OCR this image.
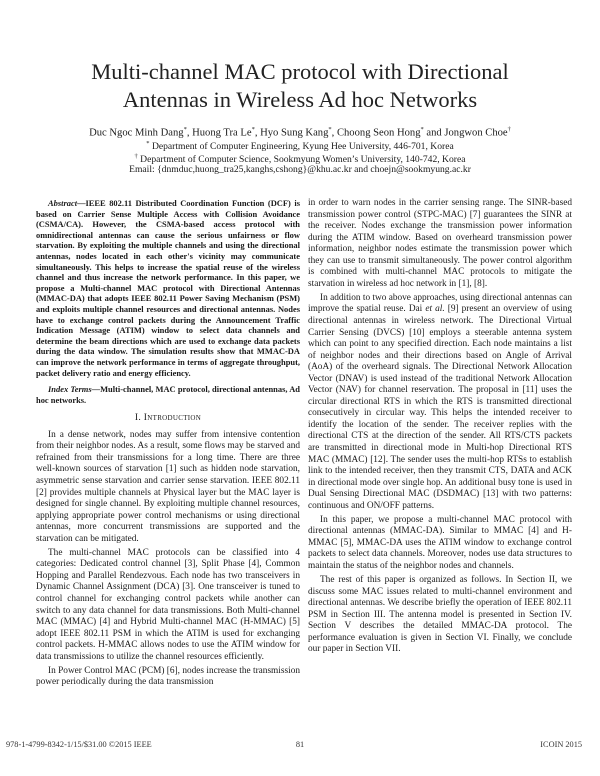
Multi-channel MAC protocol with Directional
Antennas in Wireless Ad hoc Networks
Duc Ngoc Minh Dang*, Huong Tra Le*, Hyo Sung Kang*, Choong Seon Hong* and Jongwon Choe†
* Department of Computer Engineering, Kyung Hee University, 446-701, Korea
† Department of Computer Science, Sookmyung Women’s University, 140-742, Korea
Email: {dnmduc,huong_tra25,kanghs,cshong}@khu.ac.kr and choejn@sookmyung.ac.kr

Abstract—IEEE 802.11 Distributed Coordination Function (DCF) is based on Carrier Sense Multiple Access with Collision Avoidance (CSMA/CA). However, the CSMA-based access protocol with omnidirectional antennas can cause the serious unfairness or flow starvation. By exploiting the multiple channels and using the directional antennas, nodes located in each other's vicinity may communicate simultaneously. This helps to increase the spatial reuse of the wireless channel and thus increase the network performance. In this paper, we propose a Multi-channel MAC protocol with Directional Antennas (MMAC-DA) that adopts IEEE 802.11 Power Saving Mechanism (PSM) and exploits multiple channel resources and directional antennas. Nodes have to exchange control packets during the Announcement Traffic Indication Message (ATIM) window to select data channels and determine the beam directions which are used to exchange data packets during the data window. The simulation results show that MMAC-DA can improve the network performance in terms of aggregate throughput, packet delivery ratio and energy efficiency.

Index Terms—Multi-channel, MAC protocol, directional antennas, Ad hoc networks.

I. Introduction

In a dense network, nodes may suffer from intensive contention from their neighbor nodes. As a result, some flows may be starved and refrained from their transmissions for a long time. There are three well-known sources of starvation [1] such as hidden node starvation, asymmetric sense starvation and carrier sense starvation. IEEE 802.11 [2] provides multiple channels at Physical layer but the MAC layer is designed for single channel. By exploiting multiple channel resources, applying appropriate power control mechanisms or using directional antennas, more concurrent transmissions are supported and the starvation can be mitigated.

The multi-channel MAC protocols can be classified into 4 categories: Dedicated control channel [3], Split Phase [4], Common Hopping and Parallel Rendezvous. Each node has two transceivers in Dynamic Channel Assignment (DCA) [3]. One transceiver is tuned to control channel for exchanging control packets while another can switch to any data channel for data transmissions. Both Multi-channel MAC (MMAC) [4] and Hybrid Multi-channel MAC (H-MMAC) [5] adopt IEEE 802.11 PSM in which the ATIM is used for exchanging control packets. H-MMAC allows nodes to use the ATIM window for data transmissions to utilize the channel resources efficiently.

In Power Control MAC (PCM) [6], nodes increase the transmission power periodically during the data transmission

in order to warn nodes in the carrier sensing range. The SINR-based transmission power control (STPC-MAC) [7] guarantees the SINR at the receiver. Nodes exchange the transmission power information during the ATIM window. Based on overheard transmission power information, neighbor nodes estimate the transmission power which they can use to transmit simultaneously. The power control algorithm is combined with multi-channel MAC protocols to mitigate the starvation in wireless ad hoc network in [1], [8].

In addition to two above approaches, using directional antennas can improve the spatial reuse. Dai et al. [9] present an overview of using directional antennas in wireless network. The Directional Virtual Carrier Sensing (DVCS) [10] employs a steerable antenna system which can point to any specified direction. Each node maintains a list of neighbor nodes and their directions based on Angle of Arrival (AoA) of the overheard signals. The Directional Network Allocation Vector (DNAV) is used instead of the traditional Network Allocation Vector (NAV) for channel reservation. The proposal in [11] uses the circular directional RTS in which the RTS is transmitted directional consecutively in circular way. This helps the intended receiver to identify the location of the sender. The receiver replies with the directional CTS at the direction of the sender. All RTS/CTS packets are transmitted in directional mode in Multi-hop Directional RTS MAC (MMAC) [12]. The sender uses the multi-hop RTSs to establish link to the intended receiver, then they transmit CTS, DATA and ACK in directional mode over single hop. An additional busy tone is used in Dual Sensing Directional MAC (DSDMAC) [13] with two patterns: continuous and ON/OFF patterns.

In this paper, we propose a multi-channel MAC protocol with directional antennas (MMAC-DA). Similar to MMAC [4] and H-MMAC [5], MMAC-DA uses the ATIM window to exchange control packets to select data channels. Moreover, nodes use data structures to maintain the status of the neighbor nodes and channels.

The rest of this paper is organized as follows. In Section II, we discuss some MAC issues related to multi-channel environment and directional antennas. We describe briefly the operation of IEEE 802.11 PSM in Section III. The antenna model is presented in Section IV. Section V describes the detailed MMAC-DA protocol. The performance evaluation is given in Section VI. Finally, we conclude our paper in Section VII.

978-1-4799-8342-1/15/$31.00 ©2015 IEEE	81	ICOIN 2015
